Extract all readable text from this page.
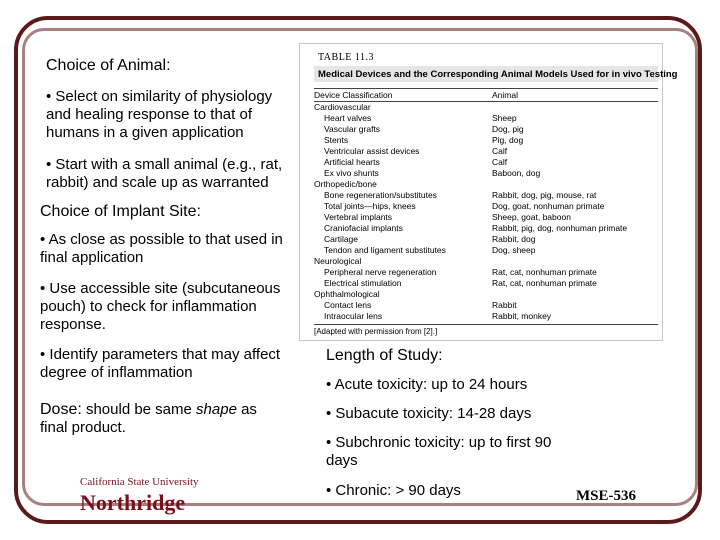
Choice of Animal:
• Select on similarity of physiology
and healing response to that of
humans in a given application
• Start with a small animal (e.g., rat,
rabbit) and scale up as warranted
Choice of Implant Site:
• As close as possible to that used in
final application
• Use accessible site (subcutaneous
pouch) to check for inflammation
response.
• Identify parameters that may affect
degree of inflammation
Dose: should be same shape as
final product.
TABLE 11.3
Medical Devices and the Corresponding Animal Models Used for in vivo Testing
Device Classification	Animal
Cardiovascular
Heart valves	Sheep
Vascular grafts	Dog, pig
Stents	Pig, dog
Ventricular assist devices	Calf
Artificial hearts	Calf
Ex vivo shunts	Baboon, dog
Orthopedic/bone
Bone regeneration/substitutes	Rabbit, dog, pig, mouse, rat
Total joints—hips, knees	Dog, goat, nonhuman primate
Vertebral implants	Sheep, goat, baboon
Craniofacial implants	Rabbit, pig, dog, nonhuman primate
Cartilage	Rabbit, dog
Tendon and ligament substitutes	Dog, sheep
Neurological
Peripheral nerve regeneration	Rat, cat, nonhuman primate
Electrical stimulation	Rat, cat, nonhuman primate
Ophthalmological
Contact lens	Rabbit
Intraocular lens	Rabbit, monkey
[Adapted with permission from [2].]
Length of Study:
• Acute toxicity: up to 24 hours
• Subacute toxicity: 14-28 days
• Subchronic toxicity: up to first 90
days
• Chronic: > 90 days
California State University
Northridge	MSE-536
